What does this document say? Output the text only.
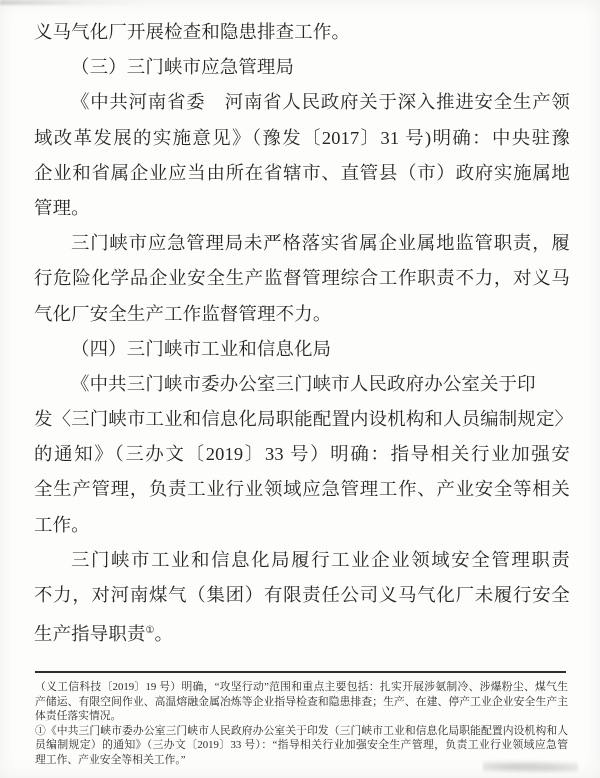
义马气化厂开展检查和隐患排查工作。
（三）三门峡市应急管理局
《中共河南省委　河南省人民政府关于深入推进安全生产领
域改革发展的实施意见》（豫发〔2017〕31 号)明确：中央驻豫
企业和省属企业应当由所在省辖市、直管县（市）政府实施属地
管理。
三门峡市应急管理局未严格落实省属企业属地监管职责，履
行危险化学品企业安全生产监督管理综合工作职责不力，对义马
气化厂安全生产工作监督管理不力。
（四）三门峡市工业和信息化局
《中共三门峡市委办公室三门峡市人民政府办公室关于印
发〈三门峡市工业和信息化局职能配置内设机构和人员编制规定〉
的通知》（三办文〔2019〕33 号）明确：指导相关行业加强安
全生产管理，负责工业行业领域应急管理工作、产业安全等相关
工作。
三门峡市工业和信息化局履行工业企业领域安全管理职责
不力，对河南煤气（集团）有限责任公司义马气化厂未履行安全
生产指导职责①。
（义工信科技〔2019〕19 号）明确，“攻坚行动”范围和重点主要包括：扎实开展涉氨制冷、涉爆粉尘、煤气生
产储运、有限空间作业、高温熔融金属冶炼等企业指导检查和隐患排查；生产、在建、停产工业企业安全生产主
体责任落实情况。
①《中共三门峡市委办公室三门峡市人民政府办公室关于印发（三门峡市工业和信息化局职能配置内设机构和人
员编制规定）的通知》（三办文〔2019〕33 号）：“指导相关行业加强安全生产管理，负责工业行业领域应急管
理工作、产业安全等相关工作。”
